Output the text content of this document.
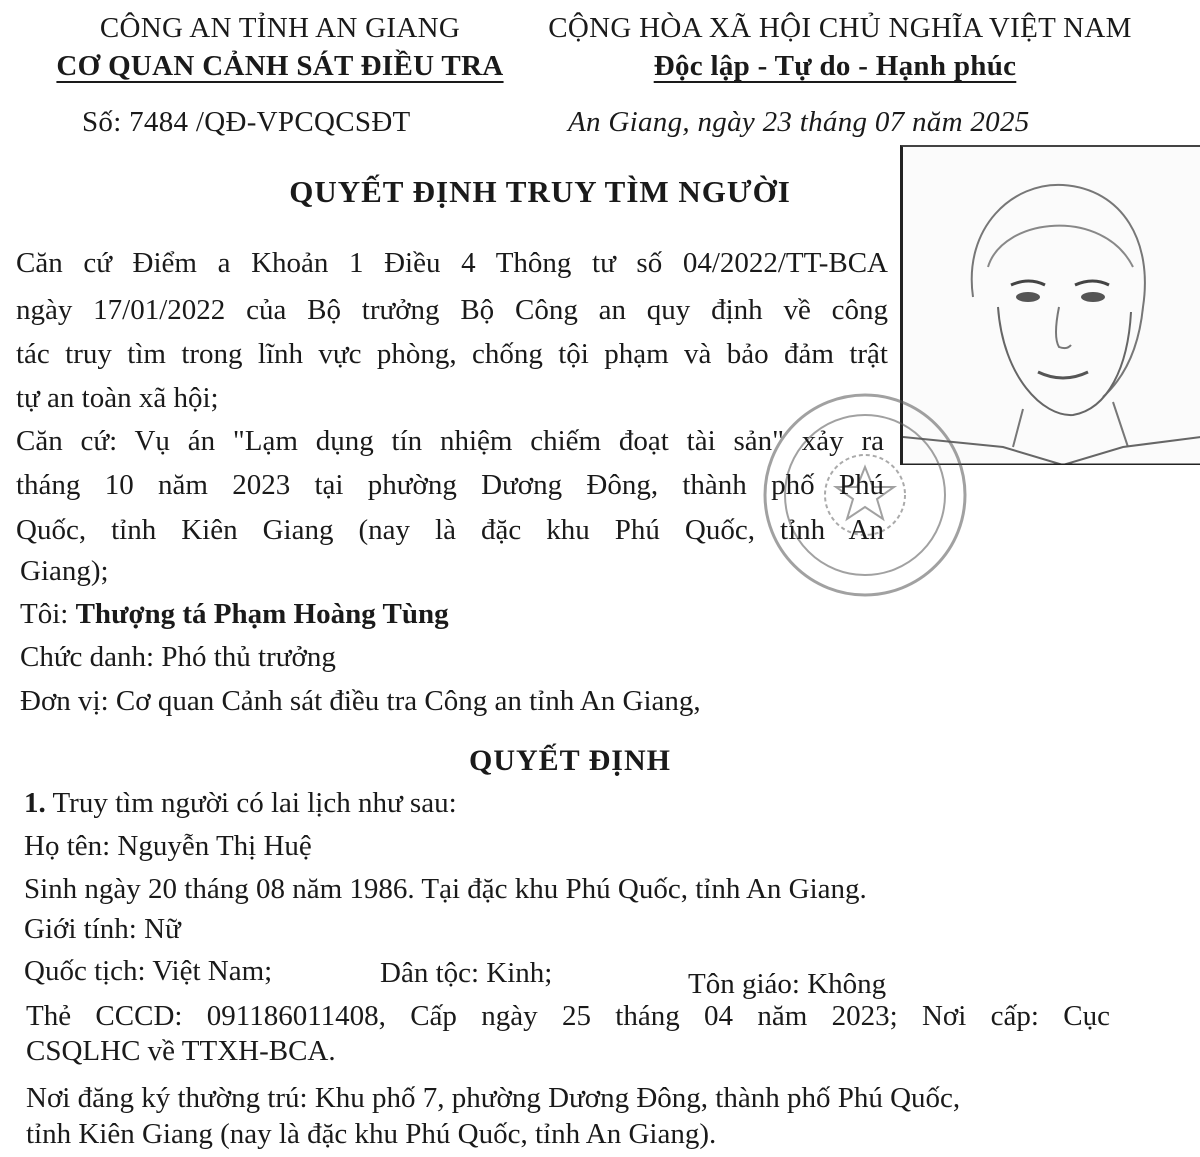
CÔNG AN TỈNH AN GIANG
CƠ QUAN CẢNH SÁT ĐIỀU TRA
Số: 7484 /QĐ-VPCQCSĐT
CỘNG HÒA XÃ HỘI CHỦ NGHĨA VIỆT NAM
Độc lập - Tự do - Hạnh phúc
An Giang, ngày 23 tháng 07 năm 2025
QUYẾT ĐỊNH TRUY TÌM NGƯỜI
Căn cứ Điểm a Khoản 1 Điều 4 Thông tư số 04/2022/TT-BCA
ngày 17/01/2022 của Bộ trưởng Bộ Công an quy định về công
tác truy tìm trong lĩnh vực phòng, chống tội phạm và bảo đảm trật
tự an toàn xã hội;
Căn cứ: Vụ án "Lạm dụng tín nhiệm chiếm đoạt tài sản" xảy ra
tháng 10 năm 2023 tại phường Dương Đông, thành phố Phú
Quốc, tỉnh Kiên Giang (nay là đặc khu Phú Quốc, tỉnh An
Giang);
Tôi: Thượng tá Phạm Hoàng Tùng
Chức danh: Phó thủ trưởng
Đơn vị: Cơ quan Cảnh sát điều tra Công an tỉnh An Giang,
QUYẾT ĐỊNH
1. Truy tìm người có lai lịch như sau:
Họ tên: Nguyễn Thị Huệ
Sinh ngày 20 tháng 08 năm 1986. Tại đặc khu Phú Quốc, tỉnh An Giang.
Giới tính: Nữ
Quốc tịch: Việt Nam;	Dân tộc: Kinh;	Tôn giáo: Không
Thẻ CCCD: 091186011408, Cấp ngày 25 tháng 04 năm 2023; Nơi cấp: Cục
CSQLHC về TTXH-BCA.
Nơi đăng ký thường trú: Khu phố 7, phường Dương Đông, thành phố Phú Quốc,
tỉnh Kiên Giang (nay là đặc khu Phú Quốc, tỉnh An Giang).
